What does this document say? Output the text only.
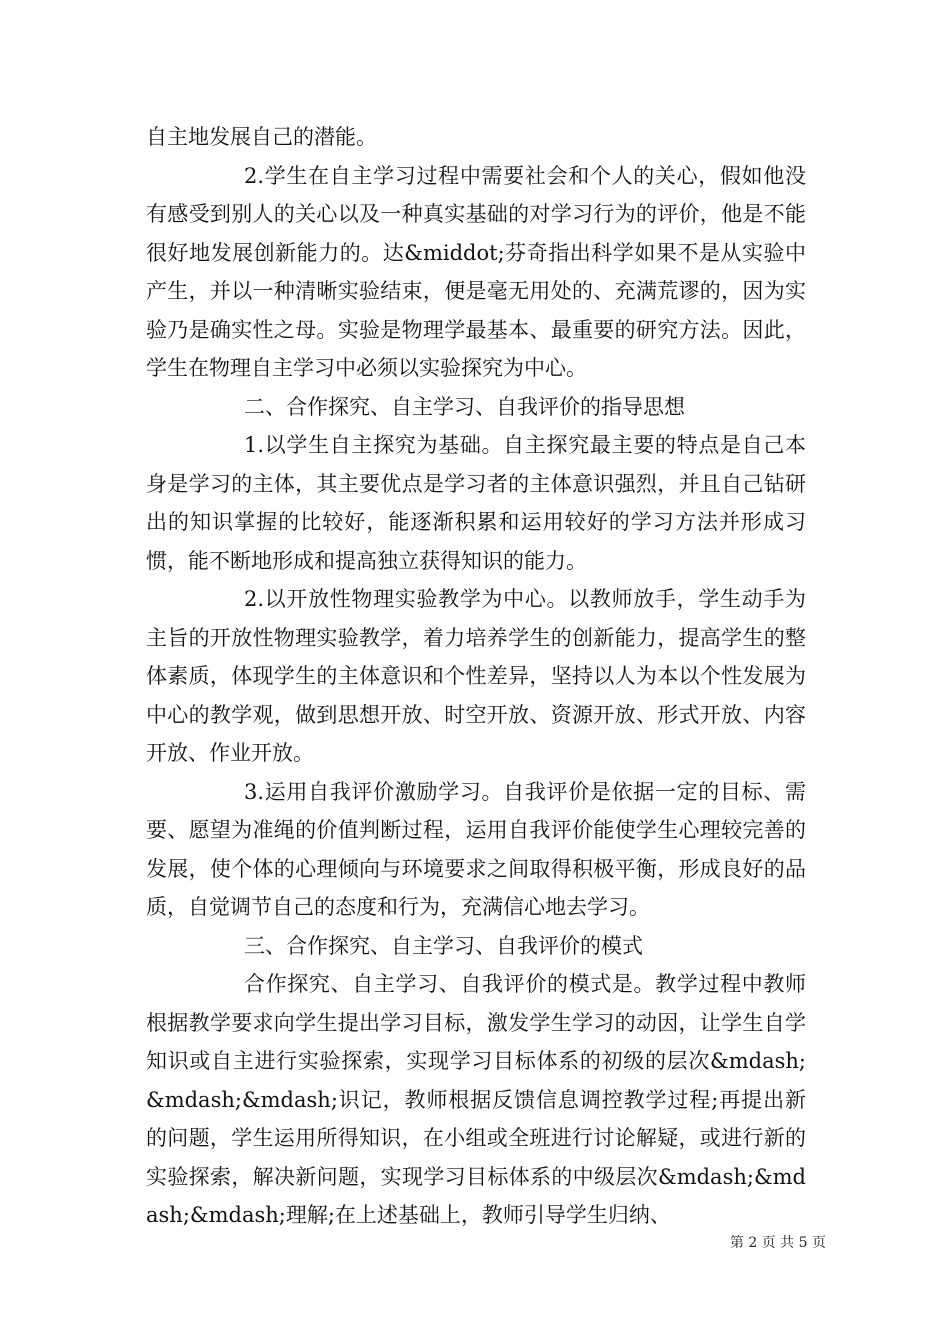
自主地发展自己的潜能。

2.学生在自主学习过程中需要社会和个人的关心，假如他没有感受到别人的关心以及一种真实基础的对学习行为的评价，他是不能很好地发展创新能力的。达&middot;芬奇指出科学如果不是从实验中产生，并以一种清晰实验结束，便是毫无用处的、充满荒谬的，因为实验乃是确实性之母。实验是物理学最基本、最重要的研究方法。因此，学生在物理自主学习中必须以实验探究为中心。

二、合作探究、自主学习、自我评价的指导思想

1.以学生自主探究为基础。自主探究最主要的特点是自己本身是学习的主体，其主要优点是学习者的主体意识强烈，并且自己钻研出的知识掌握的比较好，能逐渐积累和运用较好的学习方法并形成习惯，能不断地形成和提高独立获得知识的能力。

2.以开放性物理实验教学为中心。以教师放手，学生动手为主旨的开放性物理实验教学，着力培养学生的创新能力，提高学生的整体素质，体现学生的主体意识和个性差异，坚持以人为本以个性发展为中心的教学观，做到思想开放、时空开放、资源开放、形式开放、内容开放、作业开放。

3.运用自我评价激励学习。自我评价是依据一定的目标、需要、愿望为准绳的价值判断过程，运用自我评价能使学生心理较完善的发展，使个体的心理倾向与环境要求之间取得积极平衡，形成良好的品质，自觉调节自己的态度和行为，充满信心地去学习。

三、合作探究、自主学习、自我评价的模式

合作探究、自主学习、自我评价的模式是。教学过程中教师根据教学要求向学生提出学习目标，激发学生学习的动因，让学生自学知识或自主进行实验探索，实现学习目标体系的初级的层次&mdash;&mdash;&mdash;识记，教师根据反馈信息调控教学过程;再提出新的问题，学生运用所得知识，在小组或全班进行讨论解疑，或进行新的实验探索，解决新问题，实现学习目标体系的中级层次&mdash;&mdash;&mdash;理解;在上述基础上，教师引导学生归纳、

第 2 页 共 5 页
